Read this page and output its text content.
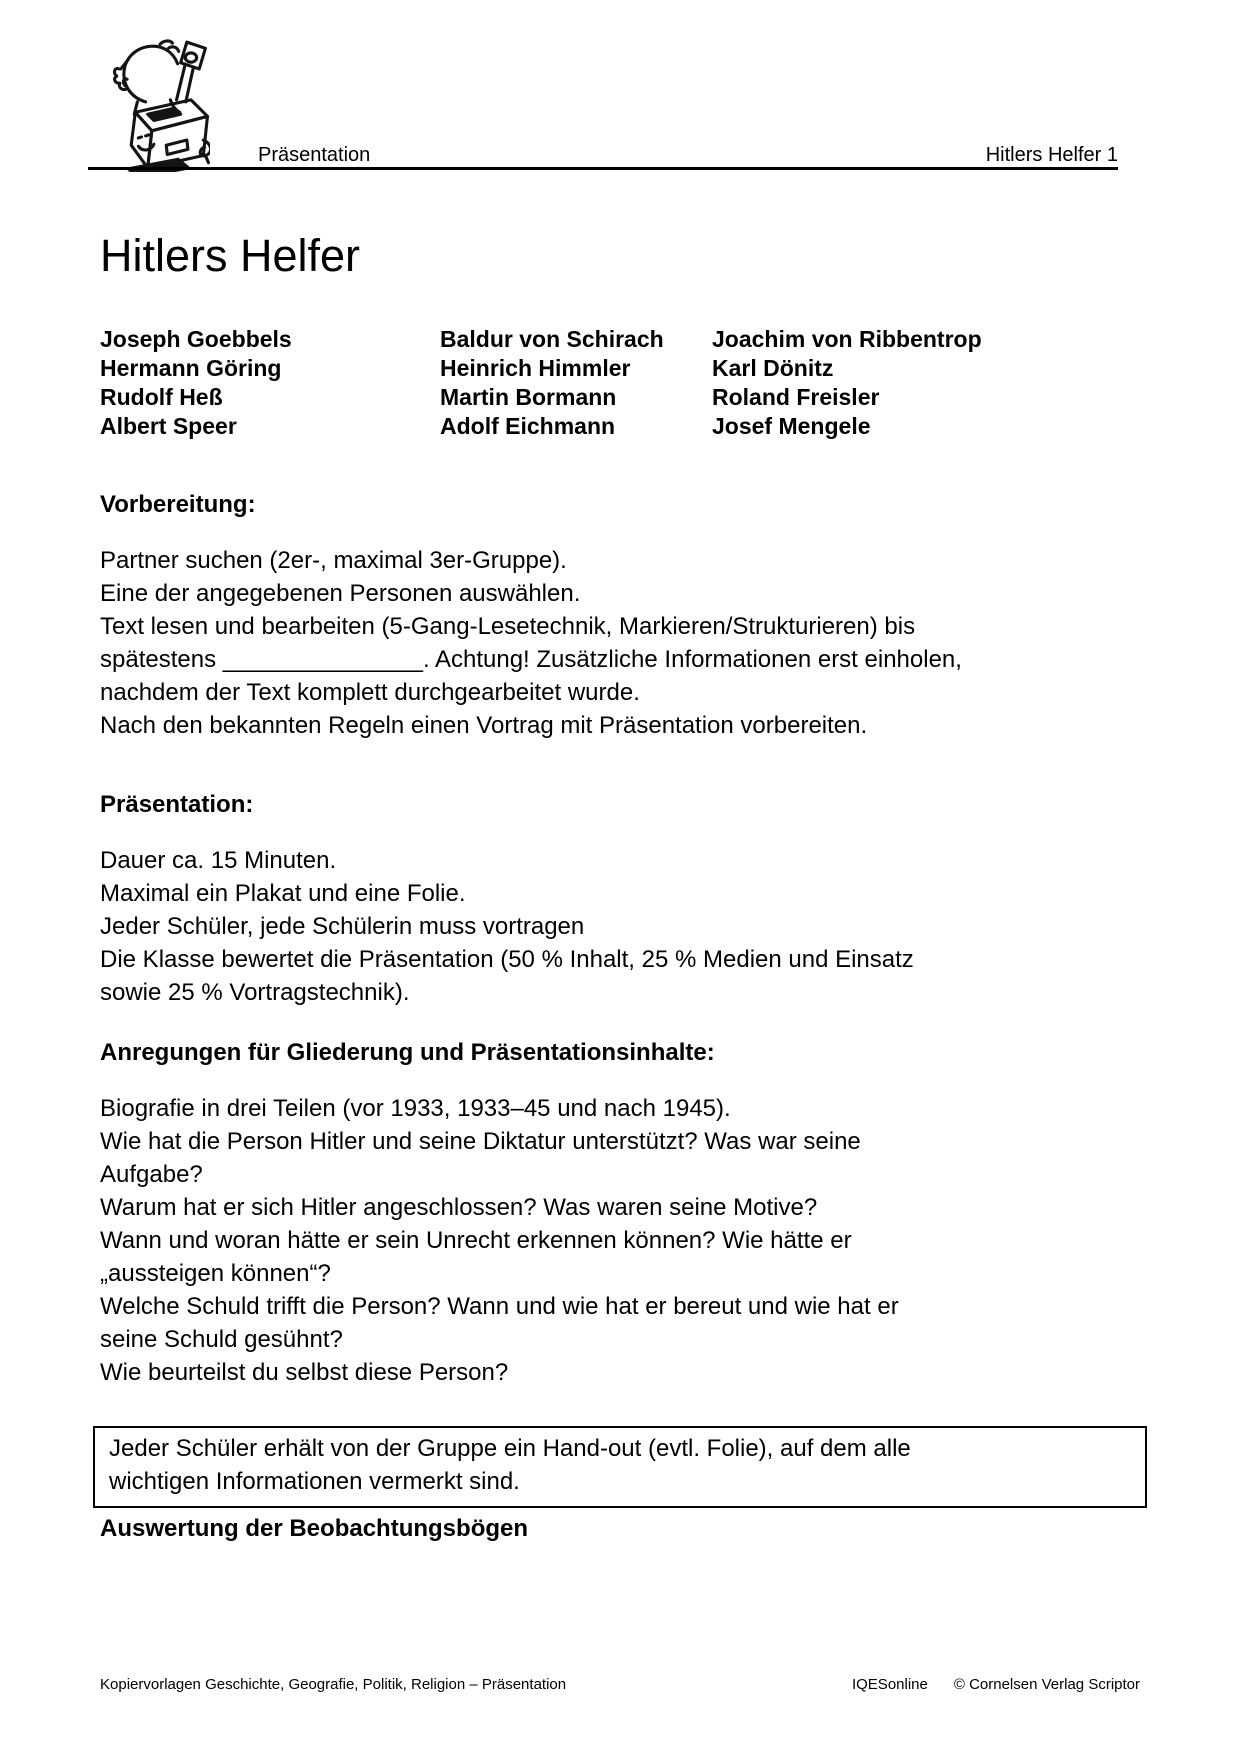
Präsentation	Hitlers Helfer 1
Hitlers Helfer
Joseph Goebbels
Hermann Göring
Rudolf Heß
Albert Speer
Baldur von Schirach
Heinrich Himmler
Martin Bormann
Adolf Eichmann
Joachim von Ribbentrop
Karl Dönitz
Roland Freisler
Josef Mengele
Vorbereitung:
Partner suchen (2er-, maximal 3er-Gruppe).
Eine der angegebenen Personen auswählen.
Text lesen und bearbeiten (5-Gang-Lesetechnik, Markieren/Strukturieren) bis
spätestens _______________. Achtung! Zusätzliche Informationen erst einholen,
nachdem der Text komplett durchgearbeitet wurde.
Nach den bekannten Regeln einen Vortrag mit Präsentation vorbereiten.
Präsentation:
Dauer ca. 15 Minuten.
Maximal ein Plakat und eine Folie.
Jeder Schüler, jede Schülerin muss vortragen
Die Klasse bewertet die Präsentation (50 % Inhalt, 25 % Medien und Einsatz
sowie 25 % Vortragstechnik).
Anregungen für Gliederung und Präsentationsinhalte:
Biografie in drei Teilen (vor 1933, 1933–45 und nach 1945).
Wie hat die Person Hitler und seine Diktatur unterstützt? Was war seine
Aufgabe?
Warum hat er sich Hitler angeschlossen? Was waren seine Motive?
Wann und woran hätte er sein Unrecht erkennen können? Wie hätte er
„aussteigen können“?
Welche Schuld trifft die Person? Wann und wie hat er bereut und wie hat er
seine Schuld gesühnt?
Wie beurteilst du selbst diese Person?
Jeder Schüler erhält von der Gruppe ein Hand-out (evtl. Folie), auf dem alle
wichtigen Informationen vermerkt sind.
Auswertung der Beobachtungsbögen
Kopiervorlagen Geschichte, Geografie, Politik, Religion – Präsentation	IQESonline © Cornelsen Verlag Scriptor
